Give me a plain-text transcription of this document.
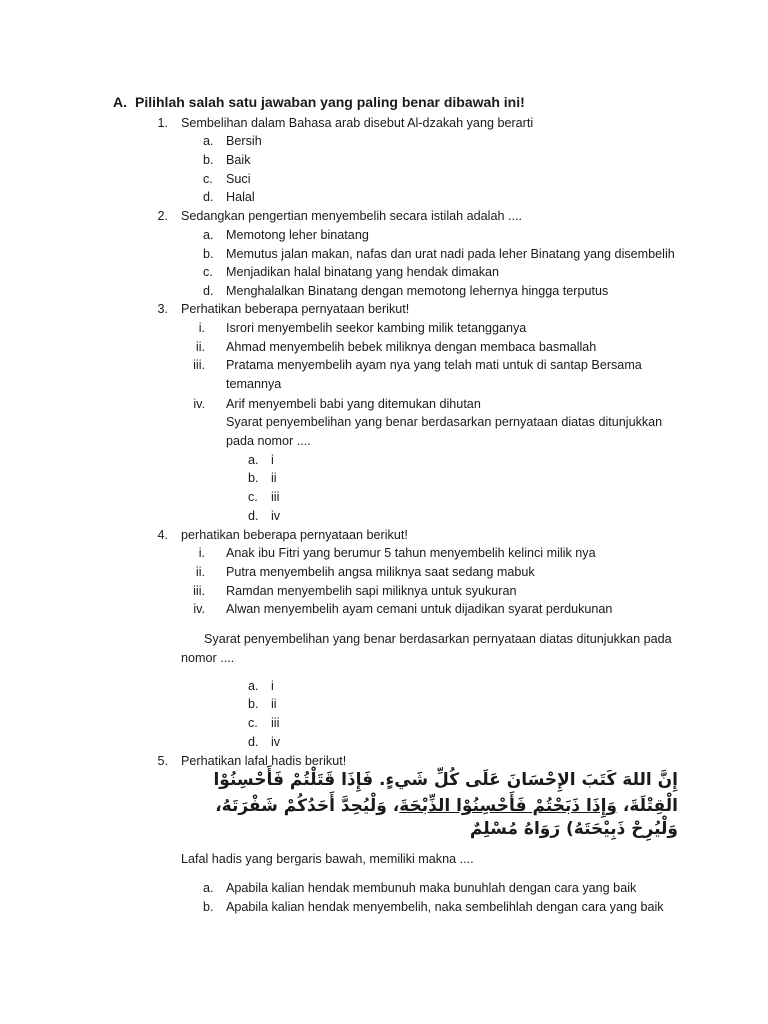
A. Pilihlah salah satu jawaban yang paling benar dibawah ini!
1. Sembelihan dalam Bahasa arab disebut Al-dzakah yang berarti
a. Bersih
b. Baik
c. Suci
d. Halal
2. Sedangkan pengertian menyembelih secara istilah adalah ....
a. Memotong leher binatang
b. Memutus jalan makan, nafas dan urat nadi pada leher Binatang yang disembelih
c. Menjadikan halal binatang yang hendak dimakan
d. Menghalalkan Binatang dengan memotong lehernya hingga terputus
3. Perhatikan beberapa pernyataan berikut!
i. Isrori menyembelih seekor kambing milik tetangganya
ii. Ahmad menyembelih bebek miliknya dengan membaca basmallah
iii. Pratama menyembelih ayam nya yang telah mati untuk di santap Bersama
temannya
iv. Arif menyembeli babi yang ditemukan dihutan
Syarat penyembelihan yang benar berdasarkan pernyataan diatas ditunjukkan
pada nomor ....
a. i
b. ii
c. iii
d. iv
4. perhatikan beberapa pernyataan berikut!
i. Anak ibu Fitri yang berumur 5 tahun menyembelih kelinci milik nya
ii. Putra menyembelih angsa miliknya saat sedang mabuk
iii. Ramdan menyembelih sapi miliknya untuk syukuran
iv. Alwan menyembelih ayam cemani untuk dijadikan syarat perdukunan
Syarat penyembelihan yang benar berdasarkan pernyataan diatas ditunjukkan pada
nomor ....
a. i
b. ii
c. iii
d. iv
5. Perhatikan lafal hadis berikut!
إِنَّ اللهَ كَتَبَ الإِحْسَانَ عَلَى كُلِّ شَيءٍ. فَإِذَا قَتَلْتُمْ فَأَحْسِنُوْا
الْقِتْلَةَ، وَإِذَا ذَبَحْتُمْ فَأَحْسِنُوْا الذِّبْحَةَ، وَلْيُحِدَّ أَحَدُكُمْ شَفْرَتَهُ،
وَلْيُرِحْ ذَبِيْحَتَهُ) رَوَاهُ مُسْلِمٌ
Lafal hadis yang bergaris bawah, memiliki makna ....
a. Apabila kalian hendak membunuh maka bunuhlah dengan cara yang baik
b. Apabila kalian hendak menyembelih, naka sembelihlah dengan cara yang baik
